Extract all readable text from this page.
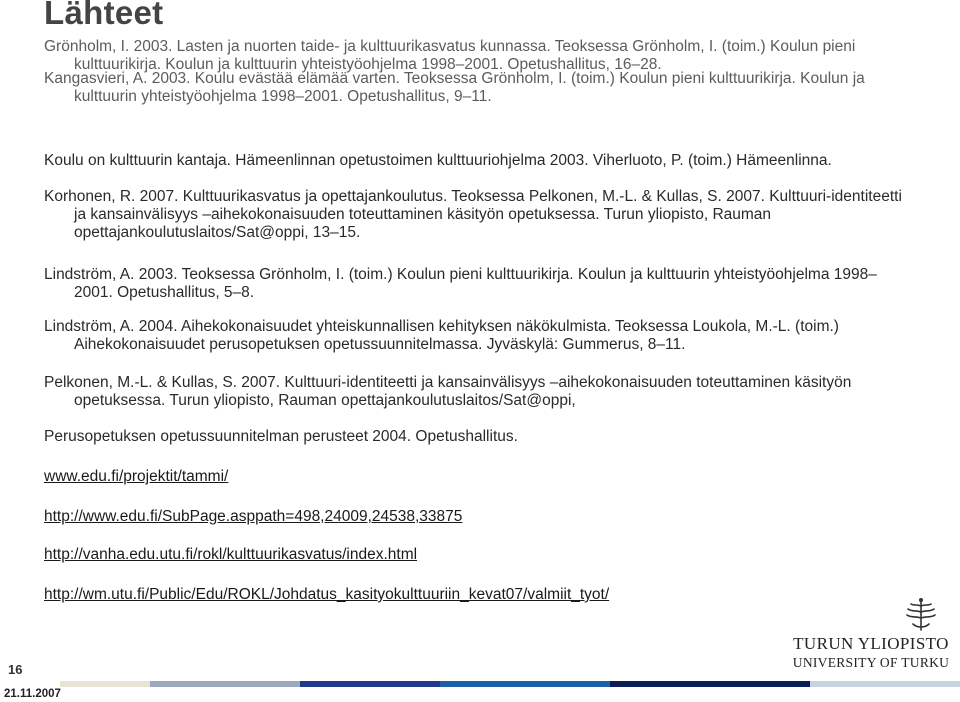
Lähteet
Grönholm, I. 2003. Lasten ja nuorten taide- ja kulttuurikasvatus kunnassa. Teoksessa Grönholm, I. (toim.) Koulun pieni
kulttuurikirja. Koulun ja kulttuurin yhteistyöohjelma 1998–2001. Opetushallitus, 16–28.
Kangasvieri, A. 2003. Koulu evästää elämää varten. Teoksessa Grönholm, I. (toim.) Koulun pieni kulttuurikirja. Koulun ja
kulttuurin yhteistyöohjelma 1998–2001. Opetushallitus, 9–11.
Koulu on kulttuurin kantaja. Hämeenlinnan opetustoimen kulttuuriohjelma 2003. Viherluoto, P. (toim.) Hämeenlinna.
Korhonen, R. 2007. Kulttuurikasvatus ja opettajankoulutus. Teoksessa Pelkonen, M.-L. & Kullas, S. 2007. Kulttuuri-identiteetti
ja kansainvälisyys –aihekokonaisuuden toteuttaminen käsityön opetuksessa. Turun yliopisto, Rauman
opettajankoulutuslaitos/Sat@oppi, 13–15.
Lindström, A. 2003. Teoksessa Grönholm, I. (toim.) Koulun pieni kulttuurikirja. Koulun ja kulttuurin yhteistyöohjelma 1998–
2001. Opetushallitus, 5–8.
Lindström, A. 2004. Aihekokonaisuudet yhteiskunnallisen kehityksen näkökulmista. Teoksessa Loukola, M.-L. (toim.)
Aihekokonaisuudet perusopetuksen opetussuunnitelmassa. Jyväskylä: Gummerus, 8–11.
Pelkonen, M.-L. & Kullas, S. 2007. Kulttuuri-identiteetti ja kansainvälisyys –aihekokonaisuuden toteuttaminen käsityön
opetuksessa. Turun yliopisto, Rauman opettajankoulutuslaitos/Sat@oppi,
Perusopetuksen opetussuunnitelman perusteet 2004. Opetushallitus.
www.edu.fi/projektit/tammi/
http://www.edu.fi/SubPage.asppath=498,24009,24538,33875
http://vanha.edu.utu.fi/rokl/kulttuurikasvatus/index.html
http://wm.utu.fi/Public/Edu/ROKL/Johdatus_kasityokulttuuriin_kevat07/valmiit_tyot/
16
21.11.2007
TURUN YLIOPISTO
UNIVERSITY OF TURKU
